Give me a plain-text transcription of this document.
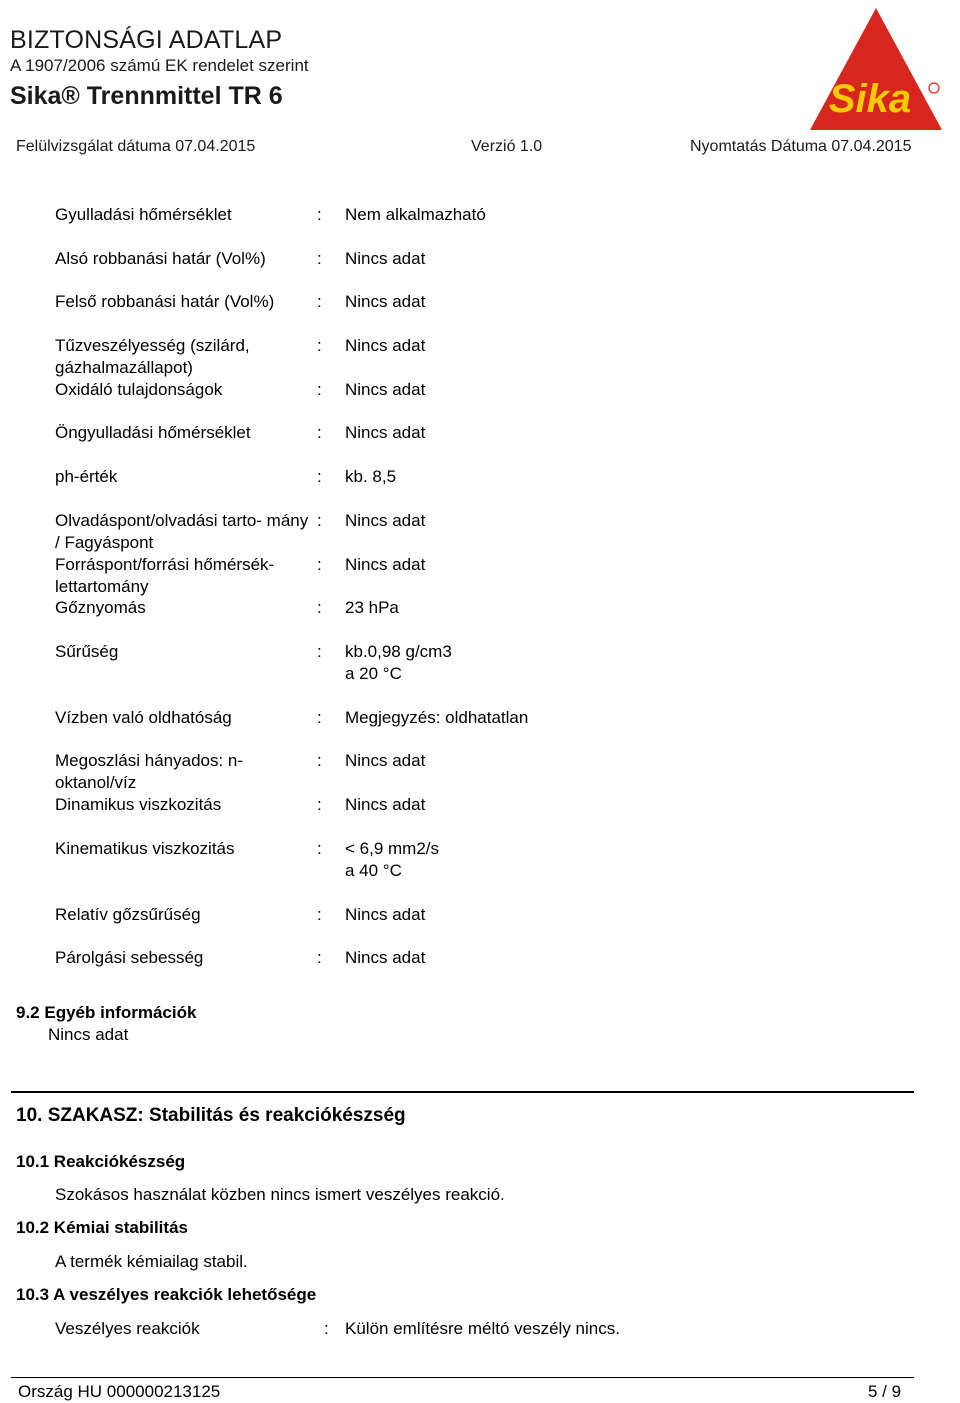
BIZTONSÁGI ADATLAP
A 1907/2006 számú EK rendelet szerint
Sika® Trennmittel TR 6	Sika
Felülvizsgálat dátuma 07.04.2015	Verzió 1.0	Nyomtatás Dátuma 07.04.2015
Gyulladási hőmérséklet	: Nem alkalmazható
Alsó robbanási határ (Vol%)	: Nincs adat
Felső robbanási határ (Vol%)	: Nincs adat
Tűzveszélyesség (szilárd, gázhalmazállapot)
: Nincs adat
Oxidáló tulajdonságok	: Nincs adat
Öngyulladási hőmérséklet	: Nincs adat
ph-érték	: kb. 8,5
Olvadáspont/olvadási tarto- mány / Fagyáspont
: Nincs adat
Forráspont/forrási hőmérsék- lettartomány
: Nincs adat
Gőznyomás	: 23 hPa
Sűrűség	: kb.0,98 g/cm3
a 20 °C
Vízben való oldhatóság	: Megjegyzés: oldhatatlan
Megoszlási hányados: n- oktanol/víz
: Nincs adat
Dinamikus viszkozitás	: Nincs adat
Kinematikus viszkozitás	: < 6,9 mm2/s
a 40 °C
Relatív gőzsűrűség	: Nincs adat
Párolgási sebesség	: Nincs adat
9.2 Egyéb információk
Nincs adat
10. SZAKASZ: Stabilitás és reakciókészség
10.1 Reakciókészség
Szokásos használat közben nincs ismert veszélyes reakció.
10.2 Kémiai stabilitás
A termék kémiailag stabil.
10.3 A veszélyes reakciók lehetősége
Veszélyes reakciók	: Külön említésre méltó veszély nincs.
Ország HU 000000213125	5 / 9
